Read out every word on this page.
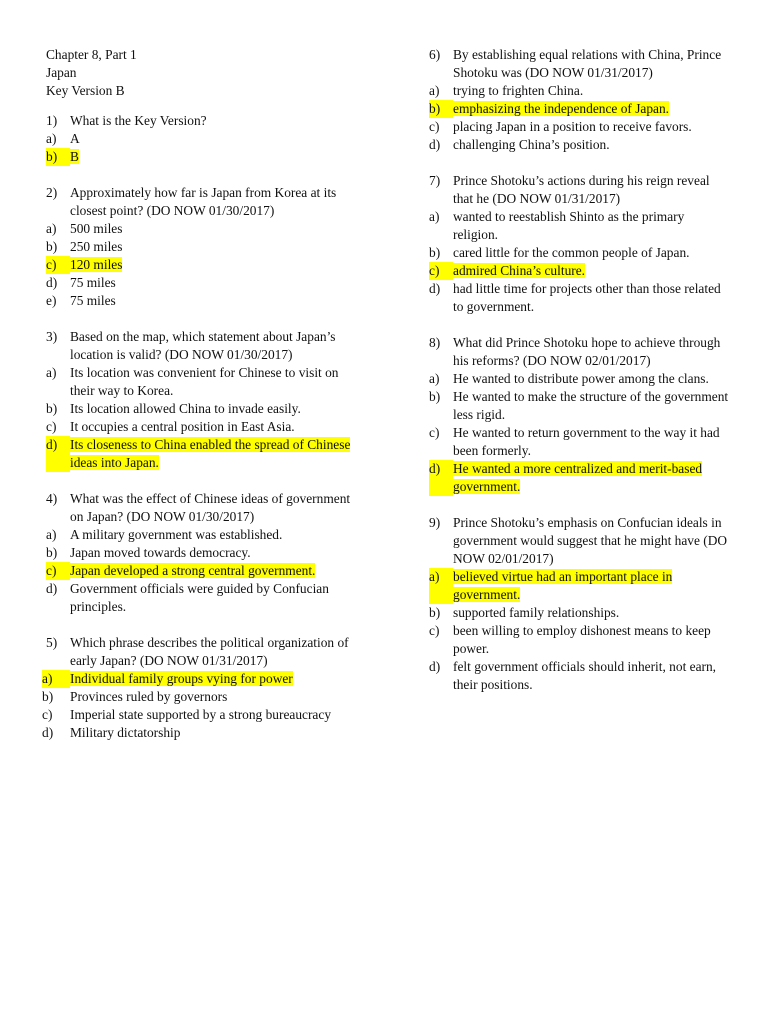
Chapter 8, Part 1
Japan
Key Version B
1) What is the Key Version?
a)	A
b) B
2) Approximately how far is Japan from Korea at its closest point? (DO NOW 01/30/2017)
a)	500 miles
b) 250 miles
c)	120 miles
d) 75 miles
e)	75 miles
3) Based on the map, which statement about Japan’s location is valid? (DO NOW 01/30/2017)
a)	Its location was convenient for Chinese to visit on their way to Korea.
b) Its location allowed China to invade easily.
c)	It occupies a central position in East Asia.
d) Its closeness to China enabled the spread of Chinese ideas into Japan.
4) What was the effect of Chinese ideas of government on Japan? (DO NOW 01/30/2017)
a)	A military government was established.
b) Japan moved towards democracy.
c)	Japan developed a strong central government.
d) Government officials were guided by Confucian principles.
5) Which phrase describes the political organization of early Japan? (DO NOW 01/31/2017)
a)	Individual family groups vying for power
b)	Provinces ruled by governors
c)	Imperial state supported by a strong bureaucracy
d)	Military dictatorship
6) By establishing equal relations with China, Prince Shotoku was (DO NOW 01/31/2017)
a)	trying to frighten China.
b) emphasizing the independence of Japan.
c)	placing Japan in a position to receive favors.
d) challenging China’s position.
7) Prince Shotoku’s actions during his reign reveal that he (DO NOW 01/31/2017)
a)	wanted to reestablish Shinto as the primary religion.
b) cared little for the common people of Japan.
c)	admired China’s culture.
d) had little time for projects other than those related to government.
8) What did Prince Shotoku hope to achieve through his reforms? (DO NOW 02/01/2017)
a)	He wanted to distribute power among the clans.
b) He wanted to make the structure of the government less rigid.
c)	He wanted to return government to the way it had been formerly.
d) He wanted a more centralized and merit-based government.
9) Prince Shotoku’s emphasis on Confucian ideals in government would suggest that he might have (DO NOW 02/01/2017)
a)	believed virtue had an important place in government.
b) supported family relationships.
c)	been willing to employ dishonest means to keep power.
d) felt government officials should inherit, not earn, their positions.
